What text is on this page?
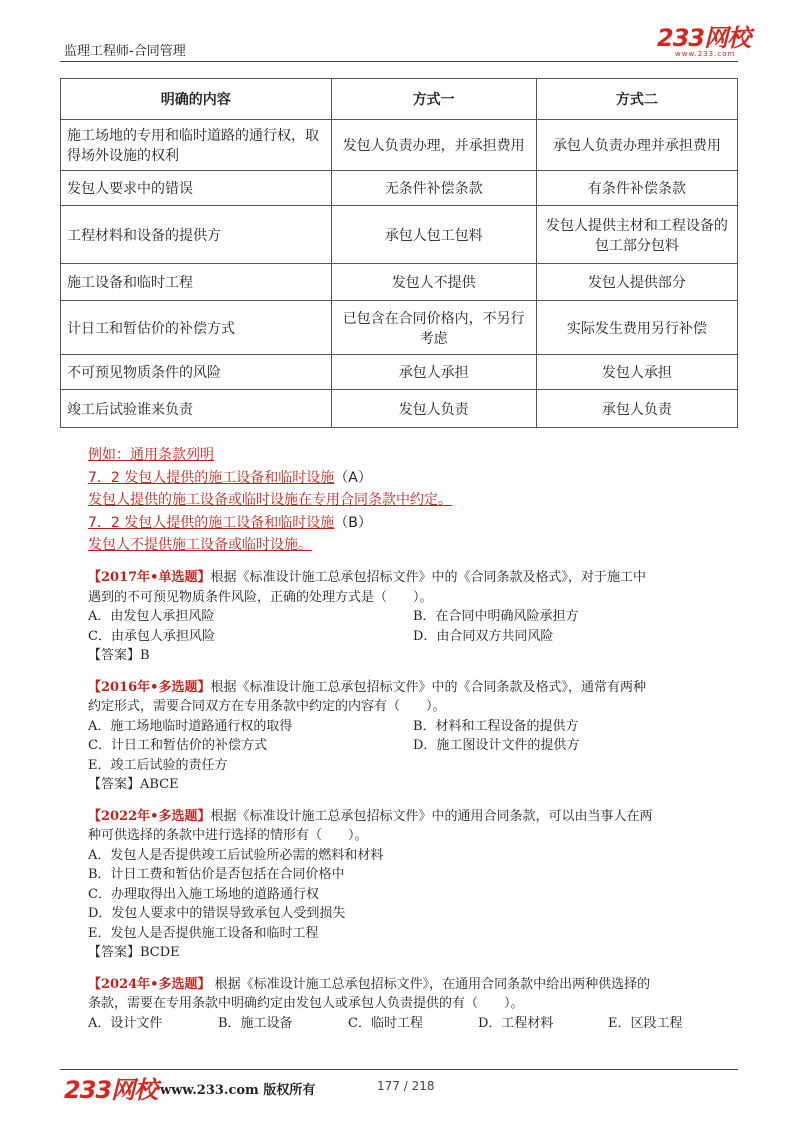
监理工程师-合同管理	233网校
www.233.com
明确的内容	方式一	方式二
施工场地的专用和临时道路的通行权，取得场外设施的权利	发包人负责办理，并承担费用	承包人负责办理并承担费用
发包人要求中的错误	无条件补偿条款	有条件补偿条款
工程材料和设备的提供方	承包人包工包料	发包人提供主材和工程设备的包工部分包料
施工设备和临时工程	发包人不提供	发包人提供部分
计日工和暂估价的补偿方式	已包含在合同价格内，不另行考虑	实际发生费用另行补偿
不可预见物质条件的风险	承包人承担	发包人承担
竣工后试验谁来负责	发包人负责	承包人负责
例如：通用条款列明
7．2 发包人提供的施工设备和临时设施（A）
发包人提供的施工设备或临时设施在专用合同条款中约定。
7．2 发包人提供的施工设备和临时设施（B）
发包人不提供施工设备或临时设施。
【2017年•单选题】根据《标准设计施工总承包招标文件》中的《合同条款及格式》，对于施工中
遇到的不可预见物质条件风险，正确的处理方式是（　　）。
A．由发包人承担风险	B．在合同中明确风险承担方
C．由承包人承担风险	D．由合同双方共同风险
【答案】B
【2016年•多选题】根据《标准设计施工总承包招标文件》中的《合同条款及格式》，通常有两种
约定形式，需要合同双方在专用条款中约定的内容有（　　）。
A．施工场地临时道路通行权的取得	B．材料和工程设备的提供方
C．计日工和暂估价的补偿方式	D．施工图设计文件的提供方
E．竣工后试验的责任方
【答案】ABCE
【2022年•多选题】根据《标准设计施工总承包招标文件》中的通用合同条款，可以由当事人在两
种可供选择的条款中进行选择的情形有（　　）。
A．发包人是否提供竣工后试验所必需的燃料和材料
B．计日工费和暂估价是否包括在合同价格中
C．办理取得出入施工场地的道路通行权
D．发包人要求中的错误导致承包人受到损失
E．发包人是否提供施工设备和临时工程
【答案】BCDE
【2024年•多选题】 根据《标准设计施工总承包招标文件》，在通用合同条款中给出两种供选择的
条款，需要在专用条款中明确约定由发包人或承包人负责提供的有（　　）。
A．设计文件	B．施工设备	C．临时工程	D．工程材料	E．区段工程
233网校 www.233.com 版权所有	177 / 218
